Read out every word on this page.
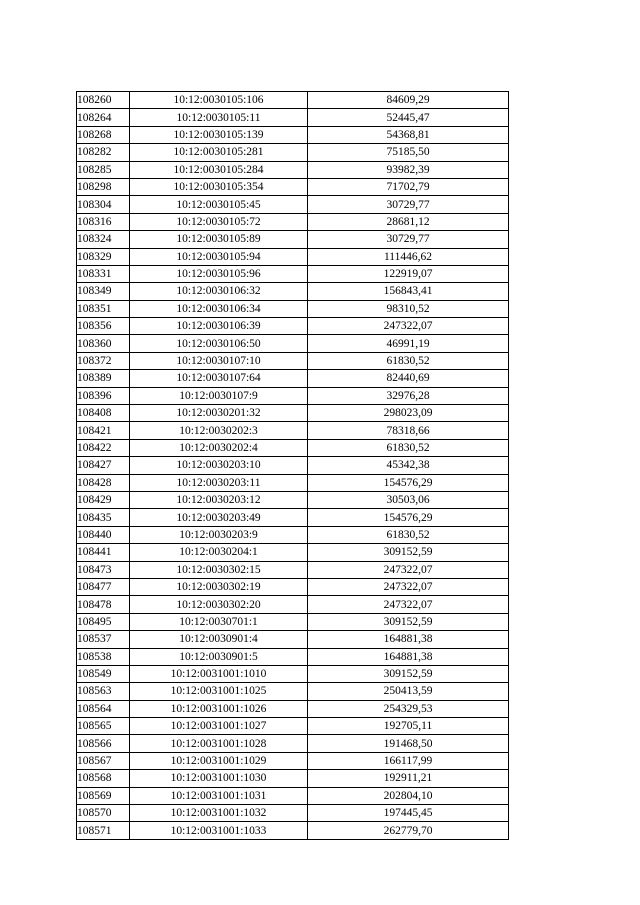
108260	10:12:0030105:106	84609,29
108264	10:12:0030105:11	52445,47
108268	10:12:0030105:139	54368,81
108282	10:12:0030105:281	75185,50
108285	10:12:0030105:284	93982,39
108298	10:12:0030105:354	71702,79
108304	10:12:0030105:45	30729,77
108316	10:12:0030105:72	28681,12
108324	10:12:0030105:89	30729,77
108329	10:12:0030105:94	111446,62
108331	10:12:0030105:96	122919,07
108349	10:12:0030106:32	156843,41
108351	10:12:0030106:34	98310,52
108356	10:12:0030106:39	247322,07
108360	10:12:0030106:50	46991,19
108372	10:12:0030107:10	61830,52
108389	10:12:0030107:64	82440,69
108396	10:12:0030107:9	32976,28
108408	10:12:0030201:32	298023,09
108421	10:12:0030202:3	78318,66
108422	10:12:0030202:4	61830,52
108427	10:12:0030203:10	45342,38
108428	10:12:0030203:11	154576,29
108429	10:12:0030203:12	30503,06
108435	10:12:0030203:49	154576,29
108440	10:12:0030203:9	61830,52
108441	10:12:0030204:1	309152,59
108473	10:12:0030302:15	247322,07
108477	10:12:0030302:19	247322,07
108478	10:12:0030302:20	247322,07
108495	10:12:0030701:1	309152,59
108537	10:12:0030901:4	164881,38
108538	10:12:0030901:5	164881,38
108549	10:12:0031001:1010	309152,59
108563	10:12:0031001:1025	250413,59
108564	10:12:0031001:1026	254329,53
108565	10:12:0031001:1027	192705,11
108566	10:12:0031001:1028	191468,50
108567	10:12:0031001:1029	166117,99
108568	10:12:0031001:1030	192911,21
108569	10:12:0031001:1031	202804,10
108570	10:12:0031001:1032	197445,45
108571	10:12:0031001:1033	262779,70
